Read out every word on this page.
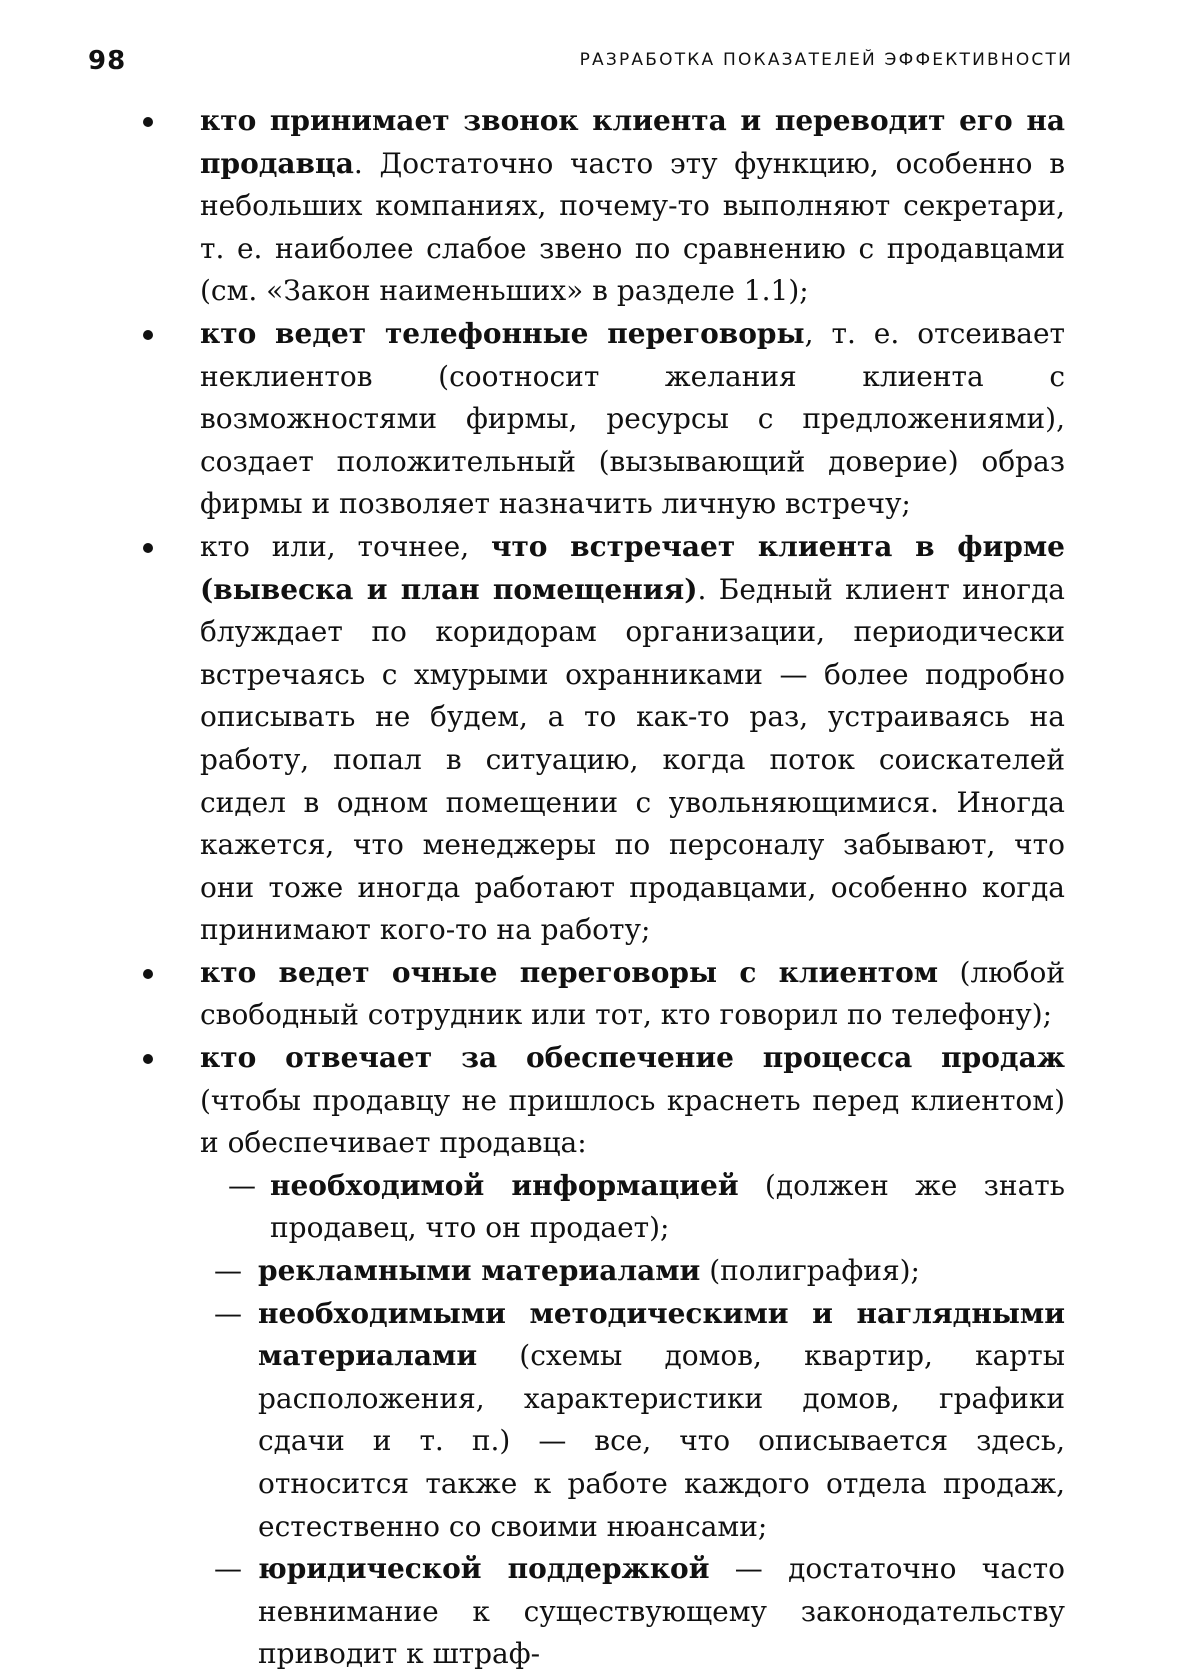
98	РАЗРАБОТКА ПОКАЗАТЕЛЕЙ ЭФФЕКТИВНОСТИ

кто принимает звонок клиента и переводит его на продавца. Достаточно часто эту функцию, особенно в небольших компаниях, почему-то выполняют секретари, т. е. наиболее слабое звено по сравнению с продавцами (см. «Закон наименьших» в разделе 1.1);

кто ведет телефонные переговоры, т. е. отсеивает неклиентов (соотносит желания клиента с возможностями фирмы, ресурсы с предложениями), создает положительный (вызывающий доверие) образ фирмы и позволяет назначить личную встречу;

кто или, точнее, что встречает клиента в фирме (вывеска и план помещения). Бедный клиент иногда блуждает по коридорам организации, периодически встречаясь с хмурыми охранниками — более подробно описывать не будем, а то как-то раз, устраиваясь на работу, попал в ситуацию, когда поток соискателей сидел в одном помещении с увольняющимися. Иногда кажется, что менеджеры по персоналу забывают, что они тоже иногда работают продавцами, особенно когда принимают кого-то на работу;

кто ведет очные переговоры с клиентом (любой свободный сотрудник или тот, кто говорил по телефону);

кто отвечает за обеспечение процесса продаж (чтобы продавцу не пришлось краснеть перед клиентом) и обеспечивает продавца:

— необходимой информацией (должен же знать продавец, что он продает);

— рекламными материалами (полиграфия);

— необходимыми методическими и наглядными материалами (схемы домов, квартир, карты расположения, характеристики домов, графики сдачи и т. п.) — все, что описывается здесь, относится также к работе каждого отдела продаж, естественно со своими нюансами;

— юридической поддержкой — достаточно часто невнимание к существующему законодательству приводит к штраф-
